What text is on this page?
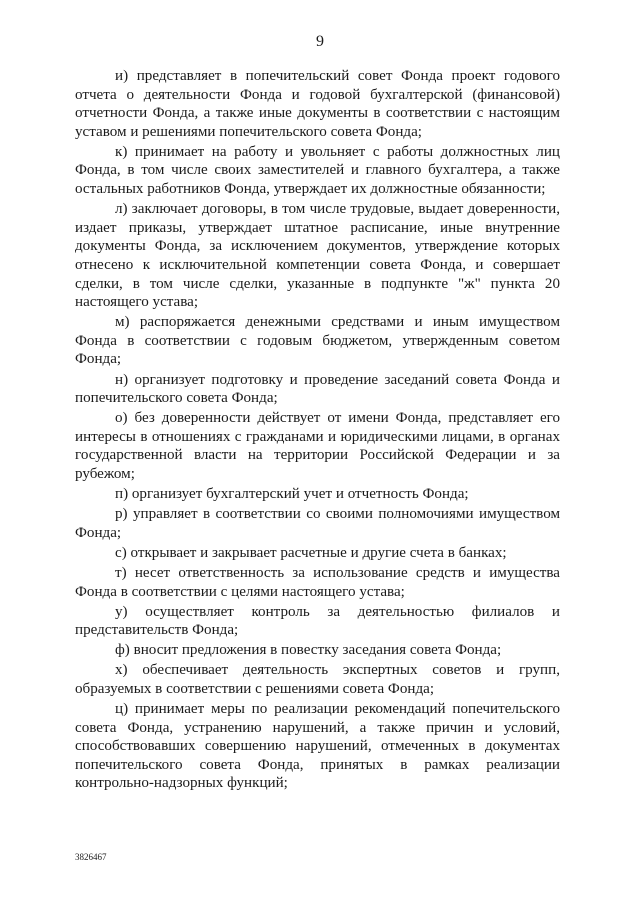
9

и) представляет в попечительский совет Фонда проект годового отчета о деятельности Фонда и годовой бухгалтерской (финансовой) отчетности Фонда, а также иные документы в соответствии с настоящим уставом и решениями попечительского совета Фонда;

к) принимает на работу и увольняет с работы должностных лиц Фонда, в том числе своих заместителей и главного бухгалтера, а также остальных работников Фонда, утверждает их должностные обязанности;

л) заключает договоры, в том числе трудовые, выдает доверенности, издает приказы, утверждает штатное расписание, иные внутренние документы Фонда, за исключением документов, утверждение которых отнесено к исключительной компетенции совета Фонда, и совершает сделки, в том числе сделки, указанные в подпункте "ж" пункта 20 настоящего устава;

м) распоряжается денежными средствами и иным имуществом Фонда в соответствии с годовым бюджетом, утвержденным советом Фонда;

н) организует подготовку и проведение заседаний совета Фонда и попечительского совета Фонда;

о) без доверенности действует от имени Фонда, представляет его интересы в отношениях с гражданами и юридическими лицами, в органах государственной власти на территории Российской Федерации и за рубежом;

п) организует бухгалтерский учет и отчетность Фонда;

р) управляет в соответствии со своими полномочиями имуществом Фонда;

с) открывает и закрывает расчетные и другие счета в банках;

т) несет ответственность за использование средств и имущества Фонда в соответствии с целями настоящего устава;

у) осуществляет контроль за деятельностью филиалов и представительств Фонда;

ф) вносит предложения в повестку заседания совета Фонда;

х) обеспечивает деятельность экспертных советов и групп, образуемых в соответствии с решениями совета Фонда;

ц) принимает меры по реализации рекомендаций попечительского совета Фонда, устранению нарушений, а также причин и условий, способствовавших совершению нарушений, отмеченных в документах попечительского совета Фонда, принятых в рамках реализации контрольно-надзорных функций;

3826467
